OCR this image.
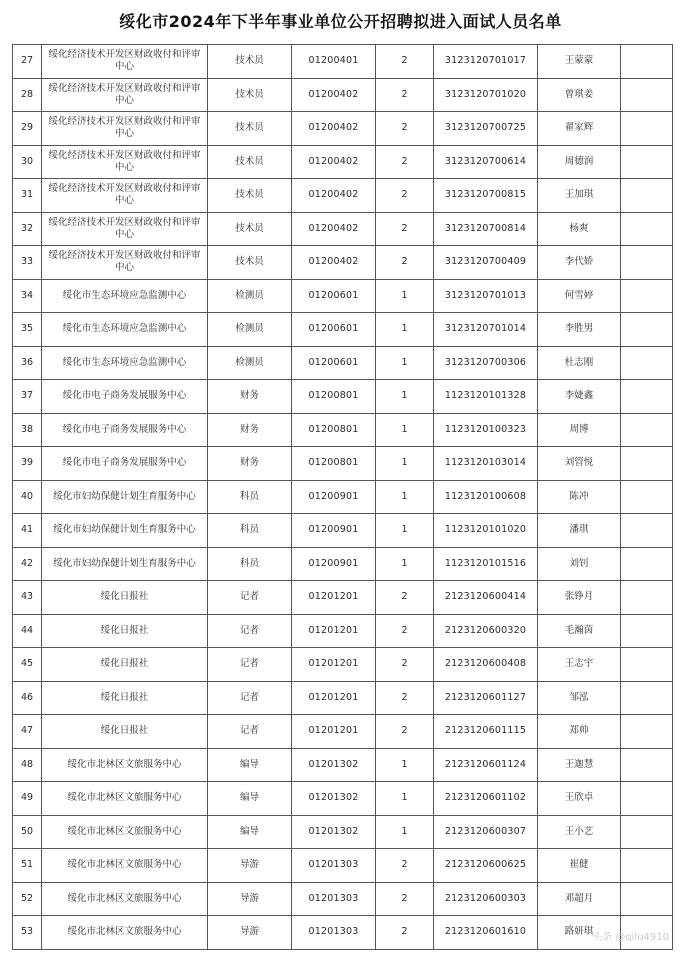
绥化市2024年下半年事业单位公开招聘拟进入面试人员名单
27	绥化经济技术开发区财政收付和评审中心	技术员	01200401	2	3123120701017	王蒙蒙	
28	绥化经济技术开发区财政收付和评审中心	技术员	01200402	2	3123120701020	曾琪姜	
29	绥化经济技术开发区财政收付和评审中心	技术员	01200402	2	3123120700725	翟家辉	
30	绥化经济技术开发区财政收付和评审中心	技术员	01200402	2	3123120700614	周德润	
31	绥化经济技术开发区财政收付和评审中心	技术员	01200402	2	3123120700815	王加琪	
32	绥化经济技术开发区财政收付和评审中心	技术员	01200402	2	3123120700814	杨爽	
33	绥化经济技术开发区财政收付和评审中心	技术员	01200402	2	3123120700409	李代娇	
34	绥化市生态环境应急监测中心	检测员	01200601	1	3123120701013	何雪婷	
35	绥化市生态环境应急监测中心	检测员	01200601	1	3123120701014	李胜男	
36	绥化市生态环境应急监测中心	检测员	01200601	1	3123120700306	杜志刚	
37	绥化市电子商务发展服务中心	财务	01200801	1	1123120101328	李婕鑫	
38	绥化市电子商务发展服务中心	财务	01200801	1	1123120100323	周博	
39	绥化市电子商务发展服务中心	财务	01200801	1	1123120103014	刘管悦	
40	绥化市妇幼保健计划生育服务中心	科员	01200901	1	1123120100608	陈冲	
41	绥化市妇幼保健计划生育服务中心	科员	01200901	1	1123120101020	潘琪	
42	绥化市妇幼保健计划生育服务中心	科员	01200901	1	1123120101516	刘钊	
43	绥化日报社	记者	01201201	2	2123120600414	张铮月	
44	绥化日报社	记者	01201201	2	2123120600320	毛瀚茵	
45	绥化日报社	记者	01201201	2	2123120600408	王志宇	
46	绥化日报社	记者	01201201	2	2123120601127	邹泓	
47	绥化日报社	记者	01201201	2	2123120601115	郑帅	
48	绥化市北林区文旅服务中心	编导	01201302	1	2123120601124	王迦慧	
49	绥化市北林区文旅服务中心	编导	01201302	1	2123120601102	王欣卓	
50	绥化市北林区文旅服务中心	编导	01201302	1	2123120600307	王小艺	
51	绥化市北林区文旅服务中心	导游	01201303	2	2123120600625	崔健	
52	绥化市北林区文旅服务中心	导游	01201303	2	2123120600303	邓超月	
53	绥化市北林区文旅服务中心	导游	01201303	2	2123120601610	路妍琪	
头条 @qilu4910
